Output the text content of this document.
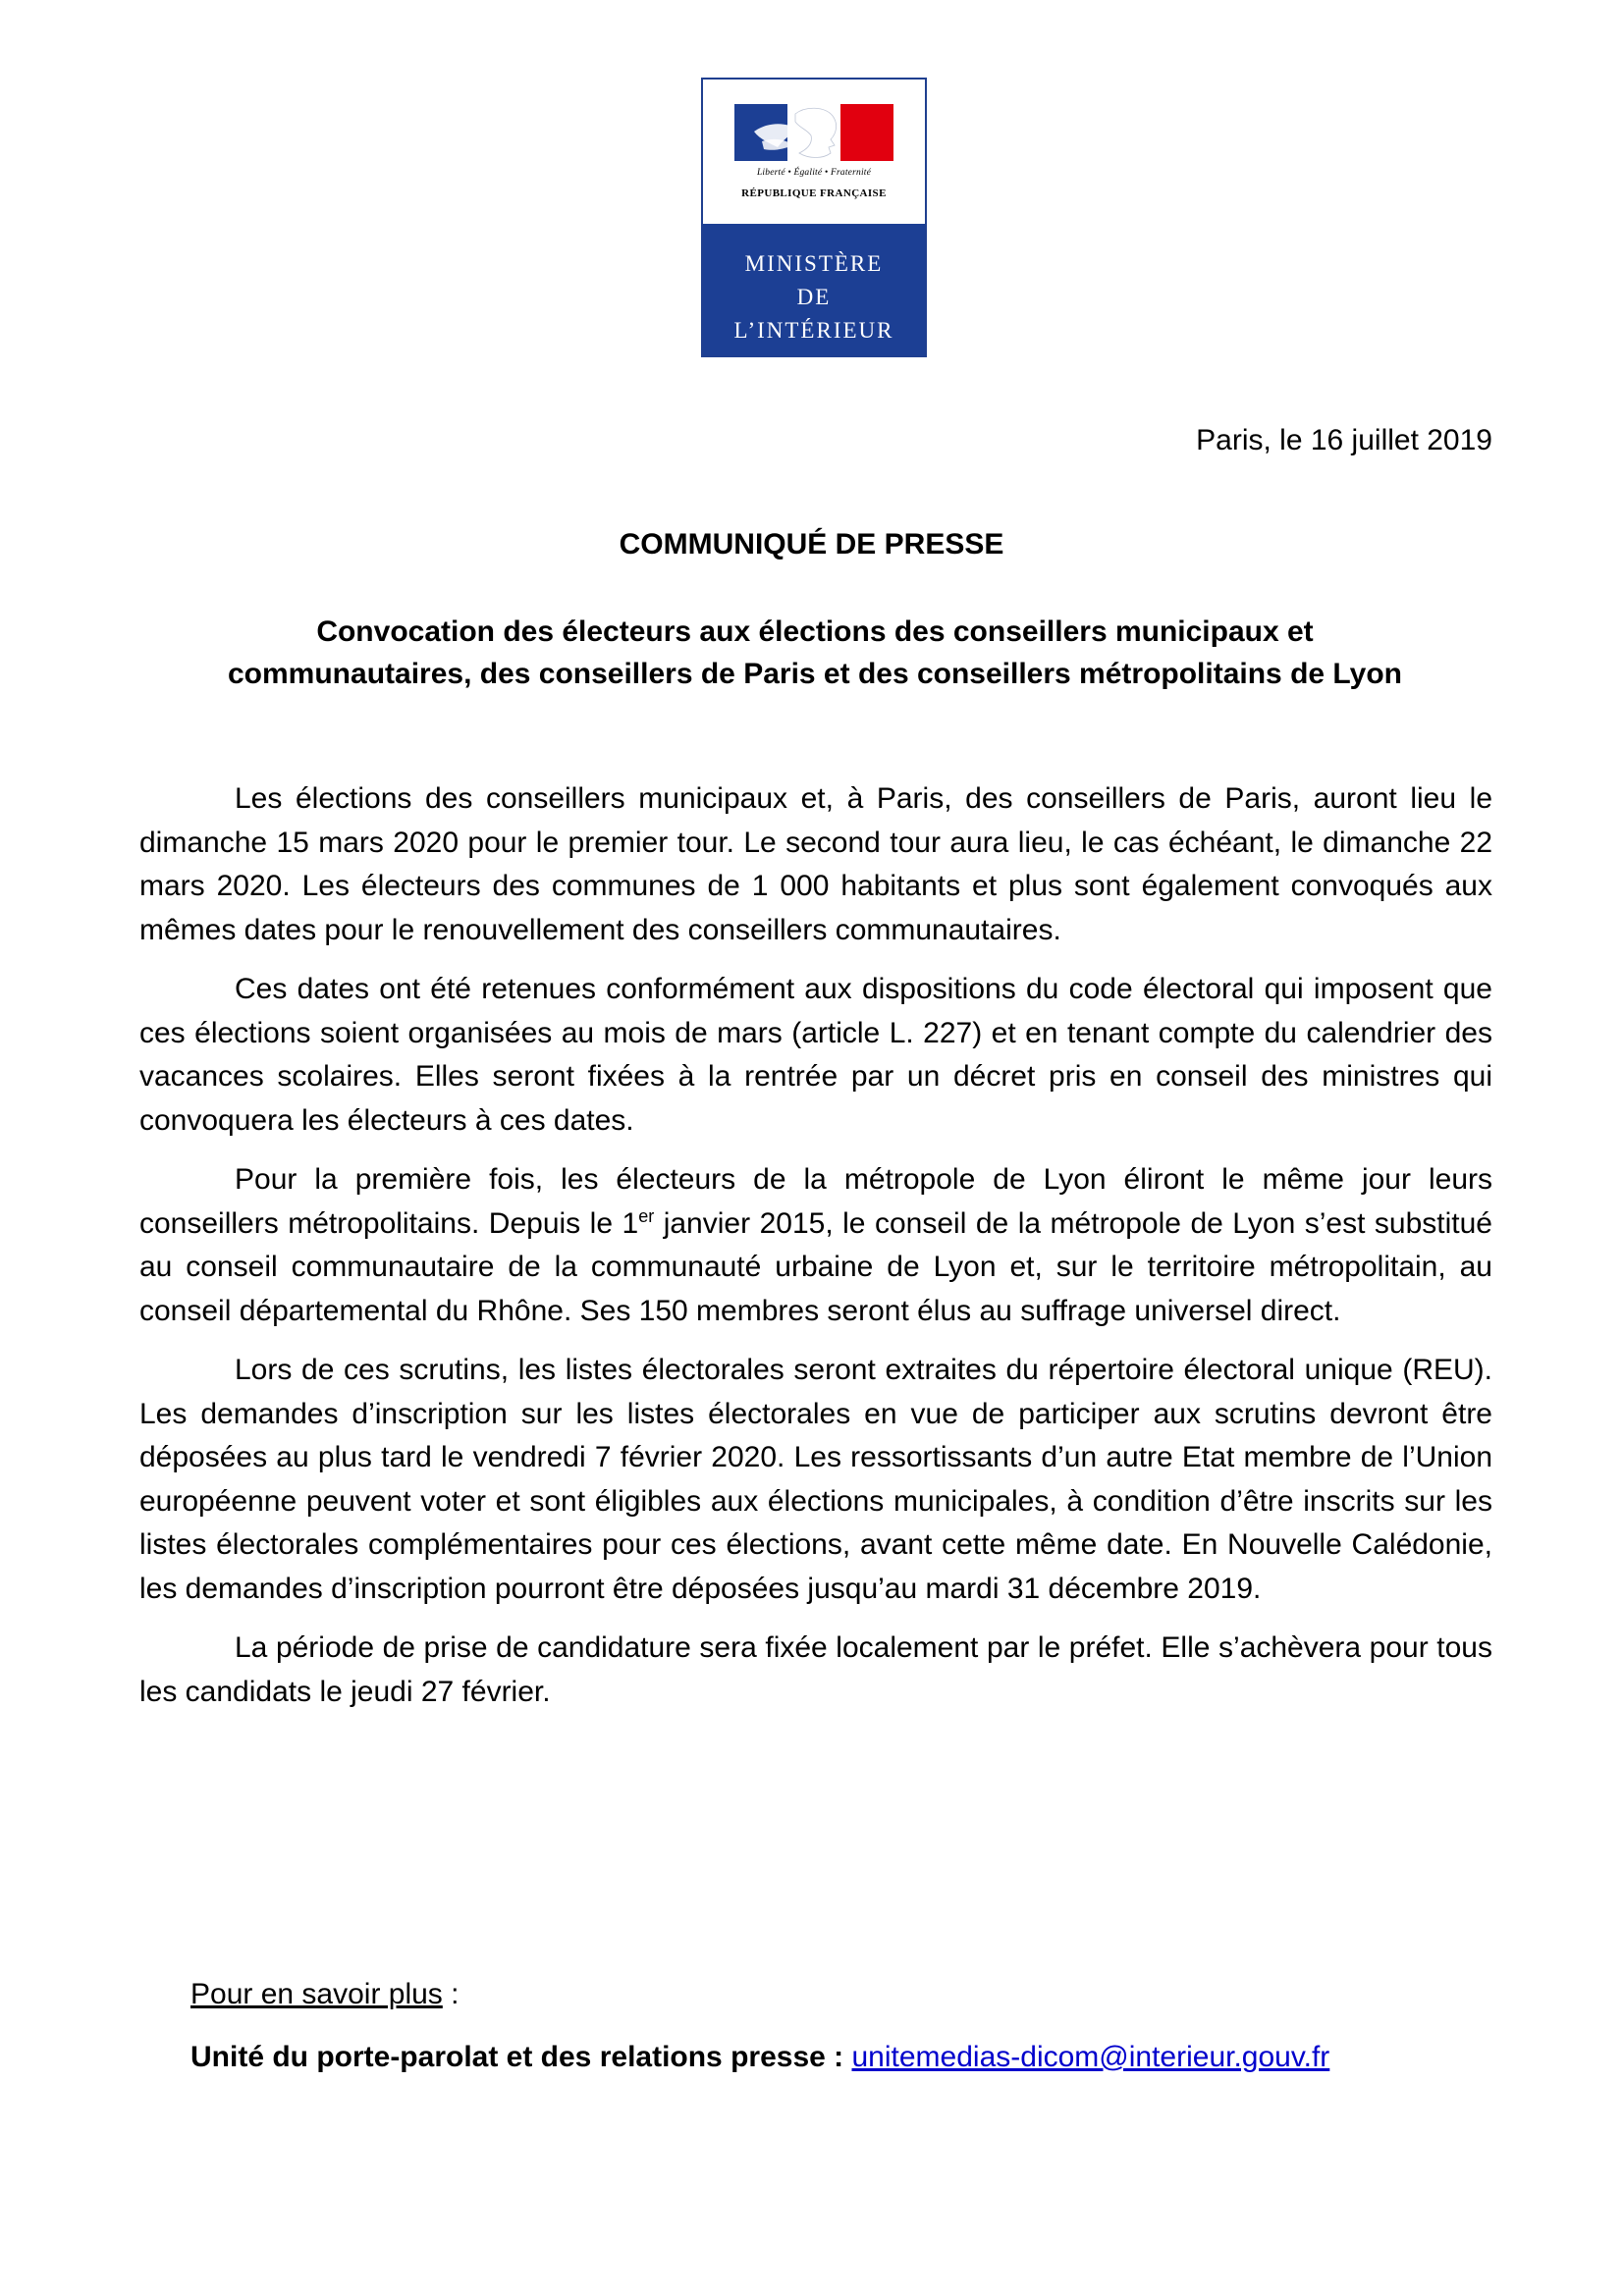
Liberté • Égalité • Fraternité
RÉPUBLIQUE FRANÇAISE
MINISTÈRE
DE
L’INTÉRIEUR
Paris, le 16 juillet 2019
COMMUNIQUÉ DE PRESSE
Convocation des électeurs aux élections des conseillers municipaux et
communautaires, des conseillers de Paris et des conseillers métropolitains de Lyon

Les élections des conseillers municipaux et, à Paris, des conseillers de Paris, auront lieu le dimanche 15 mars 2020 pour le premier tour. Le second tour aura lieu, le cas échéant, le dimanche 22 mars 2020. Les électeurs des communes de 1 000 habitants et plus sont également convoqués aux mêmes dates pour le renouvellement des conseillers communautaires.

Ces dates ont été retenues conformément aux dispositions du code électoral qui imposent que ces élections soient organisées au mois de mars (article L. 227) et en tenant compte du calendrier des vacances scolaires. Elles seront fixées à la rentrée par un décret pris en conseil des ministres qui convoquera les électeurs à ces dates.

Pour la première fois, les électeurs de la métropole de Lyon éliront le même jour leurs conseillers métropolitains. Depuis le 1er janvier 2015, le conseil de la métropole de Lyon s’est substitué au conseil communautaire de la communauté urbaine de Lyon et, sur le territoire métropolitain, au conseil départemental du Rhône. Ses 150 membres seront élus au suffrage universel direct.

Lors de ces scrutins, les listes électorales seront extraites du répertoire électoral unique (REU). Les demandes d’inscription sur les listes électorales en vue de participer aux scrutins devront être déposées au plus tard le vendredi 7 février 2020. Les ressortissants d’un autre Etat membre de l’Union européenne peuvent voter et sont éligibles aux élections municipales, à condition d’être inscrits sur les listes électorales complémentaires pour ces élections, avant cette même date. En Nouvelle Calédonie, les demandes d’inscription pourront être déposées jusqu’au mardi 31 décembre 2019.

La période de prise de candidature sera fixée localement par le préfet. Elle s’achèvera pour tous les candidats le jeudi 27 février.

Pour en savoir plus :
Unité du porte-parolat et des relations presse : unitemedias-dicom@interieur.gouv.fr
